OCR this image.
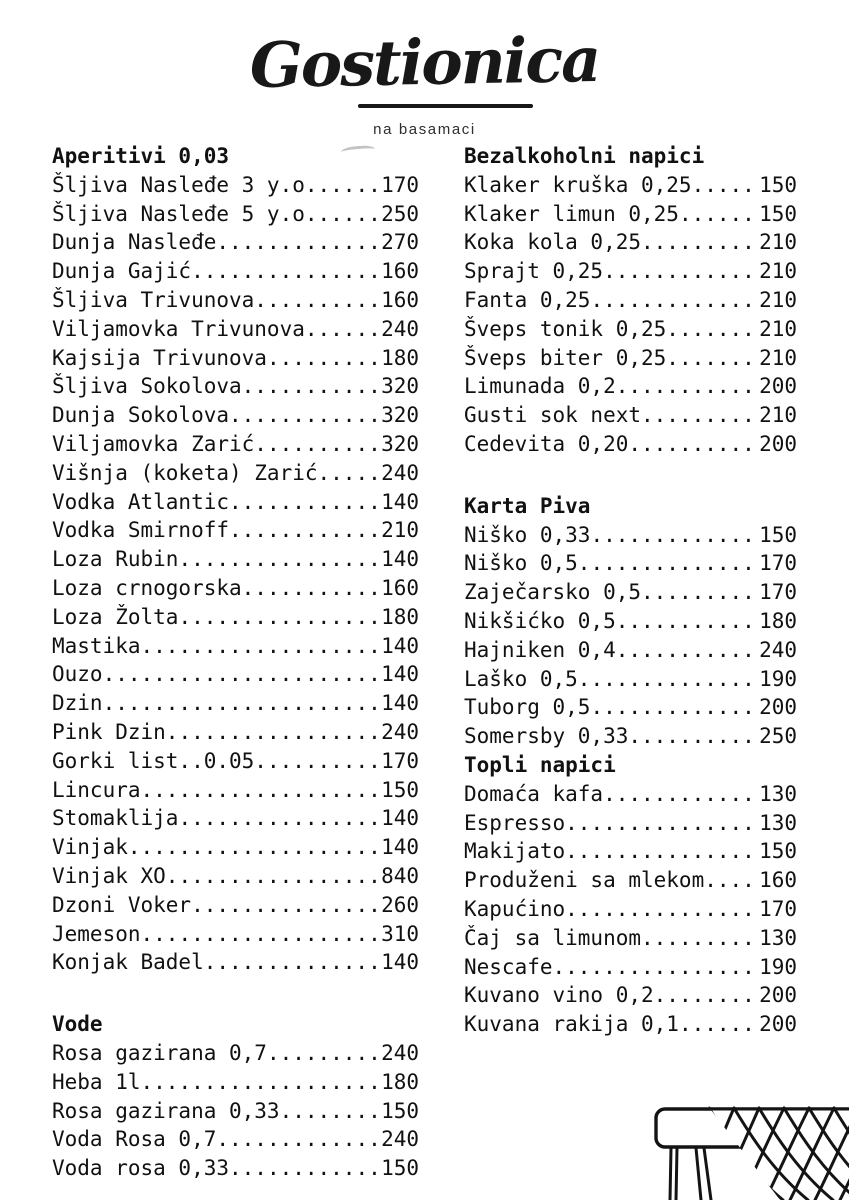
Gostionica
na basamaci
Aperitivi 0,03
Šljiva Nasleđe 3 y.o. .....	170
Šljiva Nasleđe 5 y.o. .....	250
Dunja Nasleđe .....	270
Dunja Gajić .....	160
Šljiva Trivunova .....	160
Viljamovka Trivunova .....	240
Kajsija Trivunova .....	180
Šljiva Sokolova .....	320
Dunja Sokolova .....	320
Viljamovka Zarić .....	320
Višnja (koketa) Zarić .....	240
Vodka Atlantic .....	140
Vodka Smirnoff .....	210
Loza Rubin .....	140
Loza crnogorska .....	160
Loza Žolta .....	180
Mastika .....	140
Ouzo .....	140
Dzin .....	140
Pink Dzin .....	240
Gorki list..0.05 .....	170
Lincura .....	150
Stomaklija .....	140
Vinjak .....	140
Vinjak XO .....	840
Dzoni Voker .....	260
Jemeson .....	310
Konjak Badel .....	140
Vode
Rosa gazirana 0,7 .....	240
Heba 1l .....	180
Rosa gazirana 0,33 .....	150
Voda Rosa 0,7 .....	240
Voda rosa 0,33 .....	150
Bezalkoholni napici
Klaker kruška 0,25 .....	150
Klaker limun 0,25 .....	150
Koka kola 0,25 .....	210
Sprajt 0,25 .....	210
Fanta 0,25 .....	210
Šveps tonik 0,25 .....	210
Šveps biter 0,25 .....	210
Limunada 0,2 .....	200
Gusti sok next .....	210
Cedevita 0,20 .....	200
Karta Piva
Niško 0,33 .....	150
Niško 0,5 .....	170
Zaječarsko 0,5 .....	170
Nikšićko 0,5 .....	180
Hajniken 0,4 .....	240
Laško 0,5 .....	190
Tuborg 0,5 .....	200
Somersby 0,33 .....	250
Topli napici
Domaća kafa .....	130
Espresso .....	130
Makijato .....	150
Produženi sa mlekom .....	160
Kapućino .....	170
Čaj sa limunom .....	130
Nescafe .....	190
Kuvano vino 0,2 .....	200
Kuvana rakija 0,1 .....	200
